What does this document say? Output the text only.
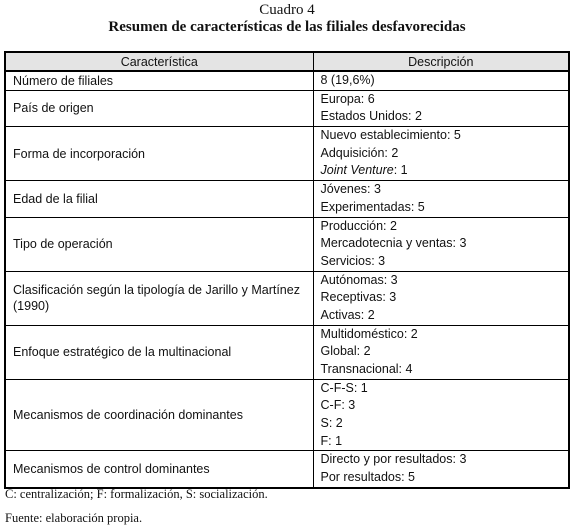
Cuadro 4
Resumen de características de las filiales desfavorecidas
Característica	Descripción
Número de filiales	8 (19,6%)

País de origen	Europa: 6
Estados Unidos: 2

Forma de incorporación	Nuevo establecimiento: 5
Adquisición: 2
Joint Venture: 1

Edad de la filial	Jóvenes: 3
Experimentadas: 5

Tipo de operación	Producción: 2
Mercadotecnia y ventas: 3
Servicios: 3

Clasificación según la tipología de Jarillo y Martínez (1990)	Autónomas: 3
Receptivas: 3
Activas: 2

Enfoque estratégico de la multinacional	Multidoméstico: 2
Global: 2
Transnacional: 4

Mecanismos de coordinación dominantes	C-F-S: 1
C-F: 3
S: 2
F: 1

Mecanismos de control dominantes	Directo y por resultados: 3
Por resultados: 5
C: centralización; F: formalización, S: socialización.
Fuente: elaboración propia.
